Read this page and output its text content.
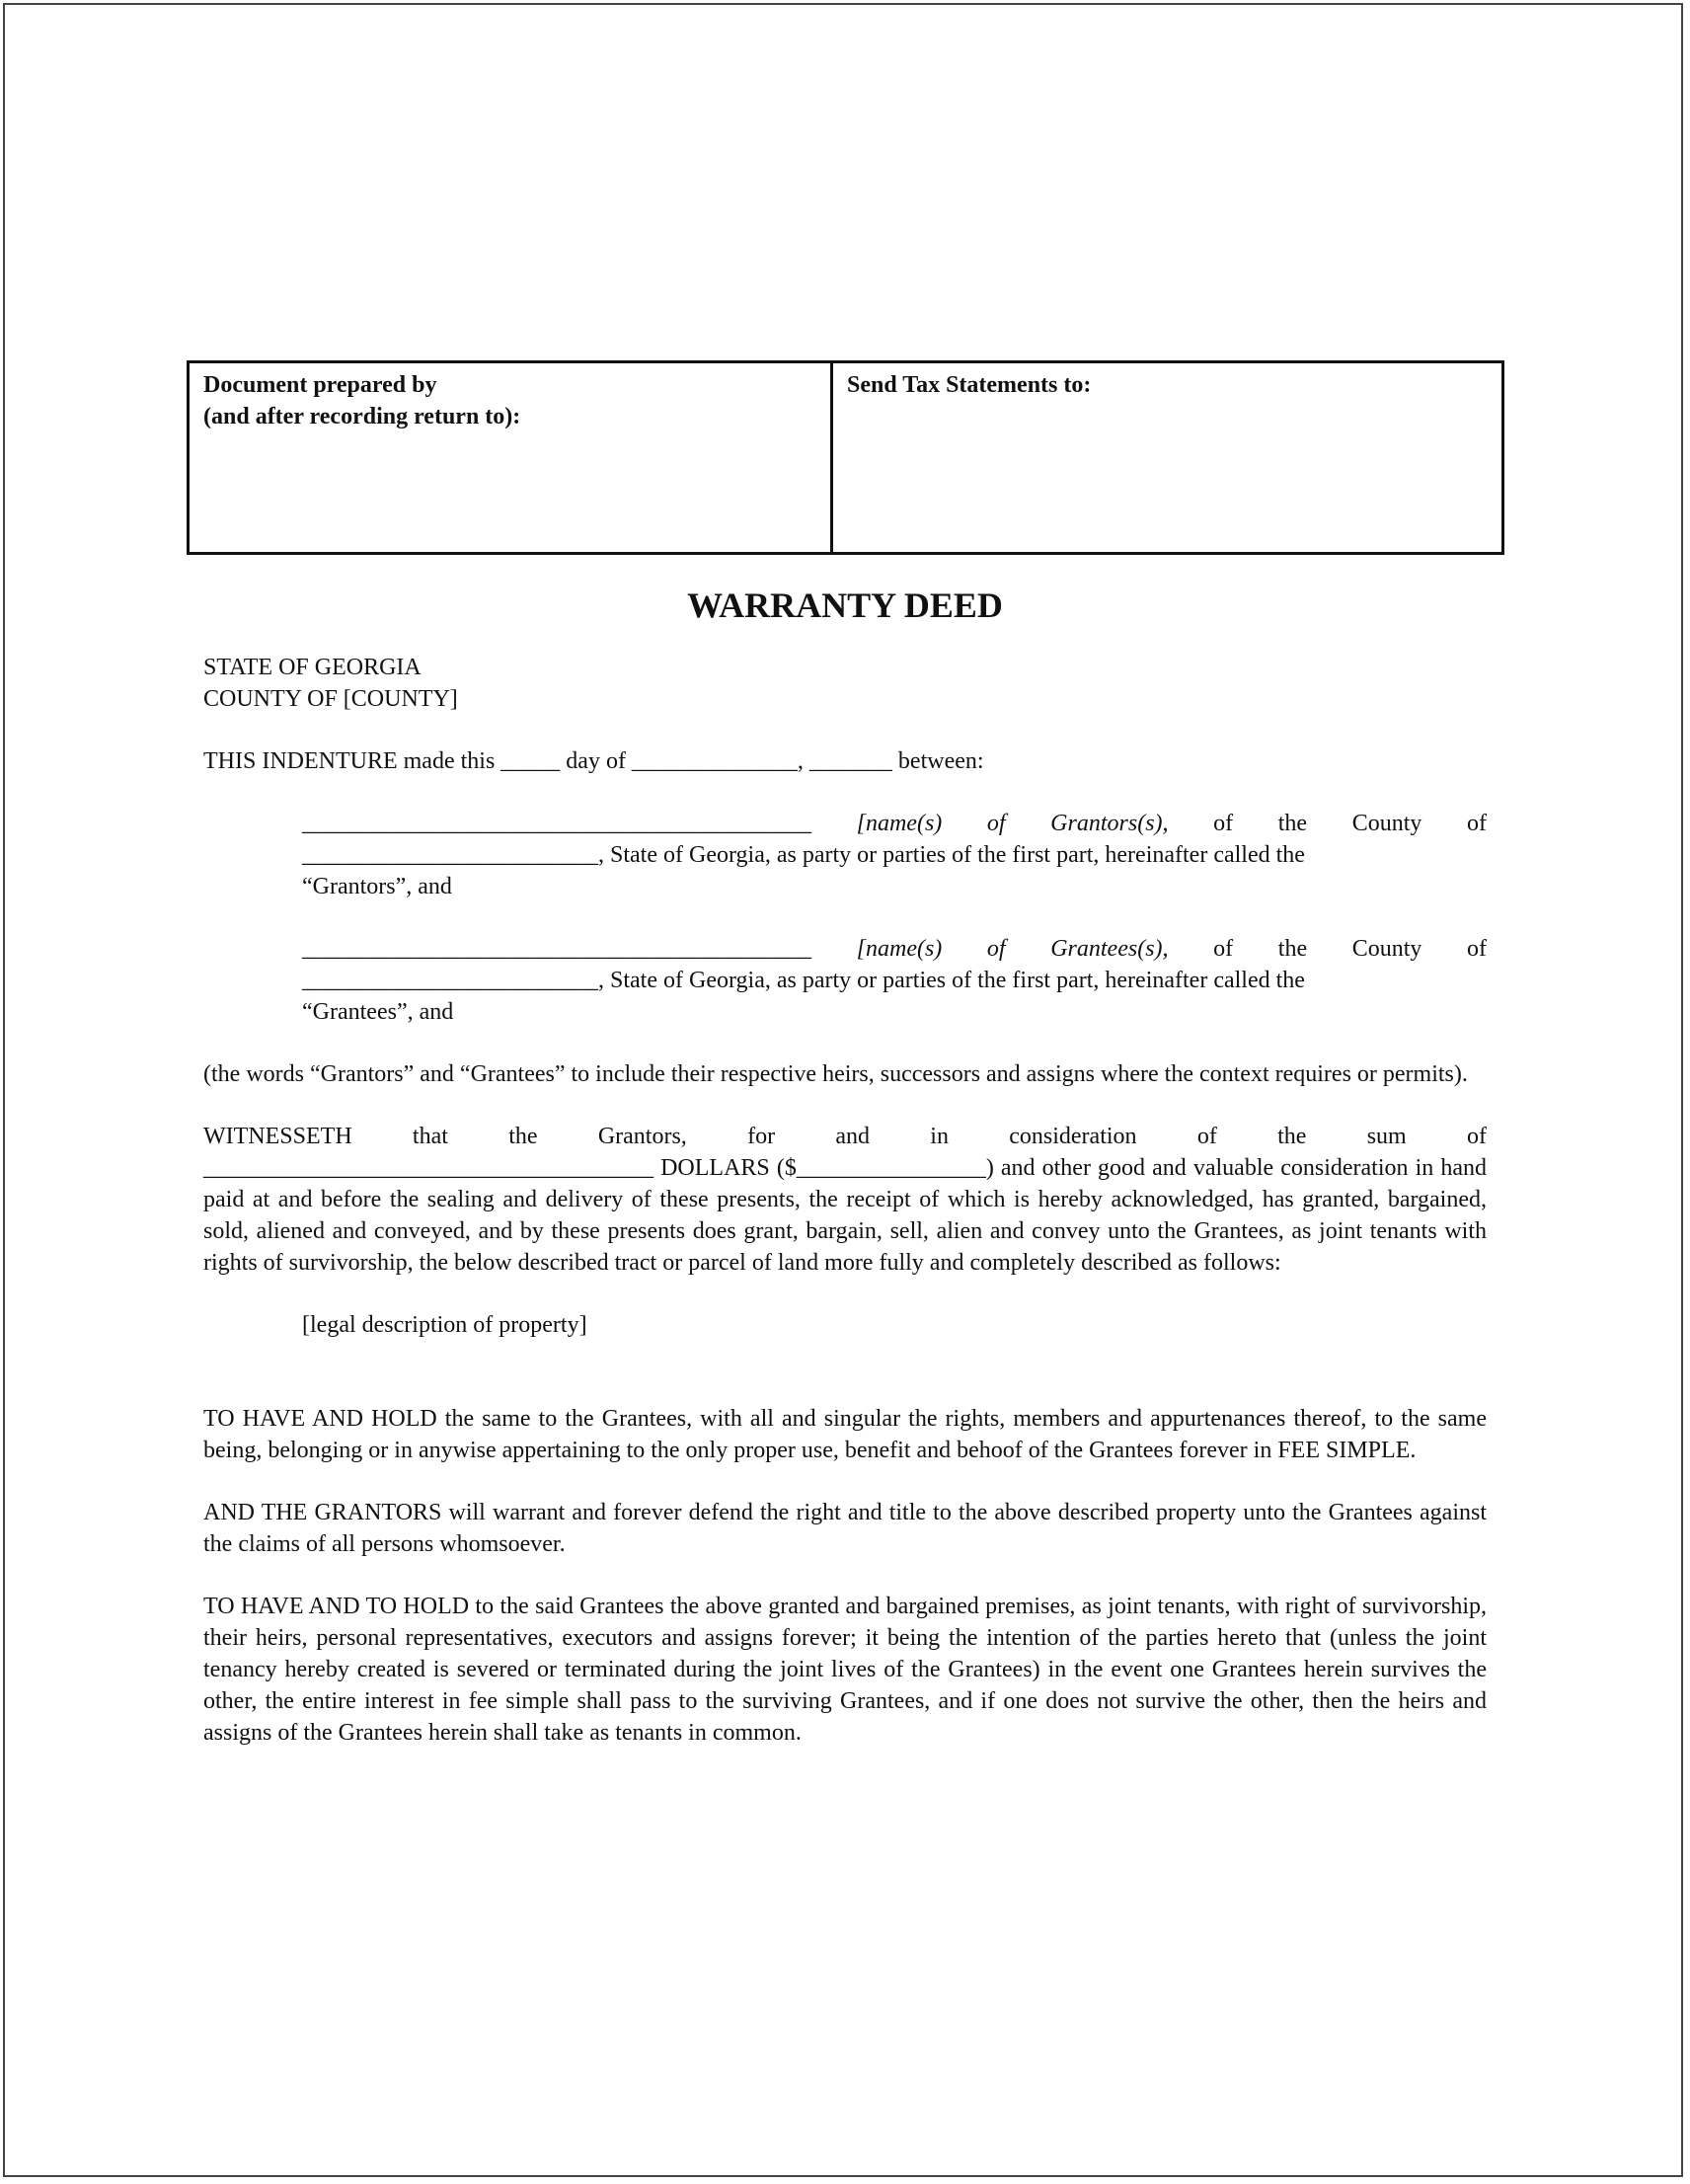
Document prepared by
(and after recording return to):
Send Tax Statements to:
WARRANTY DEED
STATE OF GEORGIA
COUNTY OF [COUNTY]

THIS INDENTURE made this _____ day of ______________, _______ between:

___________________________________________ [name(s) of Grantors(s), of the County of
_________________________, State of Georgia, as party or parties of the first part, hereinafter called the
“Grantors”, and
___________________________________________ [name(s) of Grantees(s), of the County of
_________________________, State of Georgia, as party or parties of the first part, hereinafter called the
“Grantees”, and

(the words “Grantors” and “Grantees” to include their respective heirs, successors and assigns where the context requires or permits).

WITNESSETH that the Grantors, for and in consideration of the sum of

______________________________________ DOLLARS ($________________) and other good and valuable consideration in hand paid at and before the sealing and delivery of these presents, the receipt of which is hereby acknowledged, has granted, bargained, sold, aliened and conveyed, and by these presents does grant, bargain, sell, alien and convey unto the Grantees, as joint tenants with rights of survivorship, the below described tract or parcel of land more fully and completely described as follows:

[legal description of property]

TO HAVE AND HOLD the same to the Grantees, with all and singular the rights, members and appurtenances thereof, to the same being, belonging or in anywise appertaining to the only proper use, benefit and behoof of the Grantees forever in FEE SIMPLE.

AND THE GRANTORS will warrant and forever defend the right and title to the above described property unto the Grantees against the claims of all persons whomsoever.

TO HAVE AND TO HOLD to the said Grantees the above granted and bargained premises, as joint tenants, with right of survivorship, their heirs, personal representatives, executors and assigns forever; it being the intention of the parties hereto that (unless the joint tenancy hereby created is severed or terminated during the joint lives of the Grantees) in the event one Grantees herein survives the other, the entire interest in fee simple shall pass to the surviving Grantees, and if one does not survive the other, then the heirs and assigns of the Grantees herein shall take as tenants in common.
